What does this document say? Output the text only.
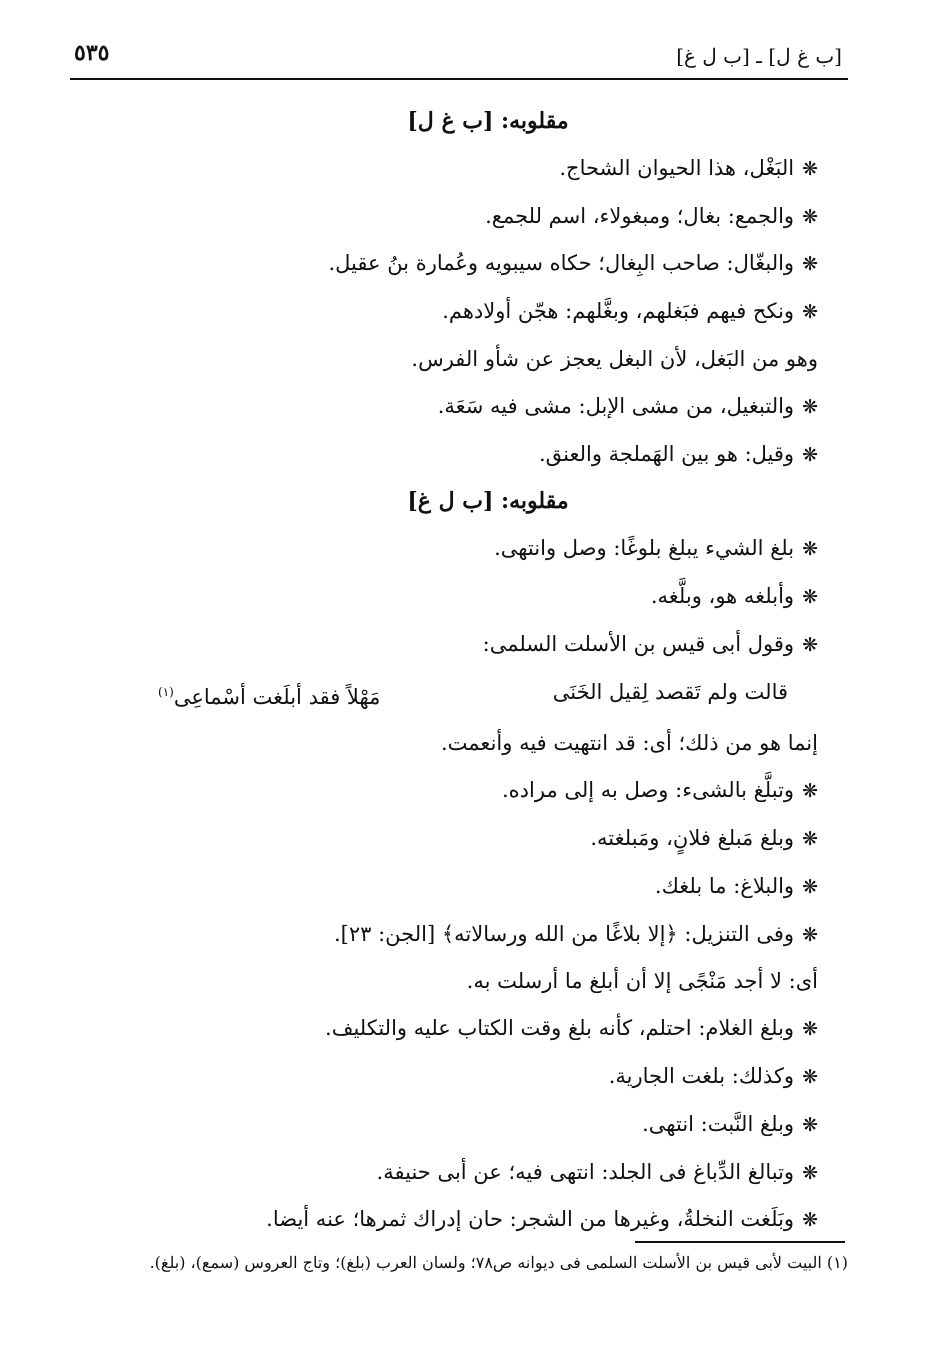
[ب غ ل] ـ [ب ل غ]
٥٣٥
مقلوبه: [ب غ ل]
❋البَغْل، هذا الحيوان الشحاج.
❋والجمع: بغال؛ ومبغولاء، اسم للجمع.
❋والبغّال: صاحب البِغال؛ حكاه سيبويه وعُمارة بنُ عقيل.
❋ونكح فيهم فبَغلهم، وبغَّلهم: هجّن أولادهم.
وهو من البَغل، لأن البغل يعجز عن شأو الفرس.
❋والتبغيل، من مشى الإبل: مشى فيه سَعَة.
❋وقيل: هو بين الهَملجة والعنق.
مقلوبه: [ب ل غ]
❋بلغ الشيء يبلغ بلوغًا: وصل وانتهى.
❋وأبلغه هو، وبلَّغه.
❋وقول أبى قيس بن الأسلت السلمى:
قالت ولم تَقصد لِقيل الخَنَى
مَهْلاً فقد أبلَغت أسْماعِى$^{(١)}$
إنما هو من ذلك؛ أى: قد انتهيت فيه وأنعمت.
❋وتبلَّغ بالشىء: وصل به إلى مراده.
❋وبلغ مَبلغ فلانٍ، ومَبلغته.
❋والبلاغ: ما بلغك.
❋وفى التنزيل: ﴿إلا بلاغًا من الله ورسالاته﴾ [الجن: ٢٣].
أى: لا أجد مَنْجًى إلا أن أبلغ ما أرسلت به.
❋وبلغ الغلام: احتلم، كأنه بلغ وقت الكتاب عليه والتكليف.
❋وكذلك: بلغت الجارية.
❋وبلغ النَّبت: انتهى.
❋وتبالغ الدِّباغ فى الجلد: انتهى فيه؛ عن أبى حنيفة.
❋وبَلَغت النخلةُ، وغيرها من الشجر: حان إدراك ثمرها؛ عنه أيضا.
(١) البيت لأبى قيس بن الأسلت السلمى فى ديوانه ص٧٨؛ ولسان العرب (بلغ)؛ وتاج العروس (سمع)، (بلغ).
